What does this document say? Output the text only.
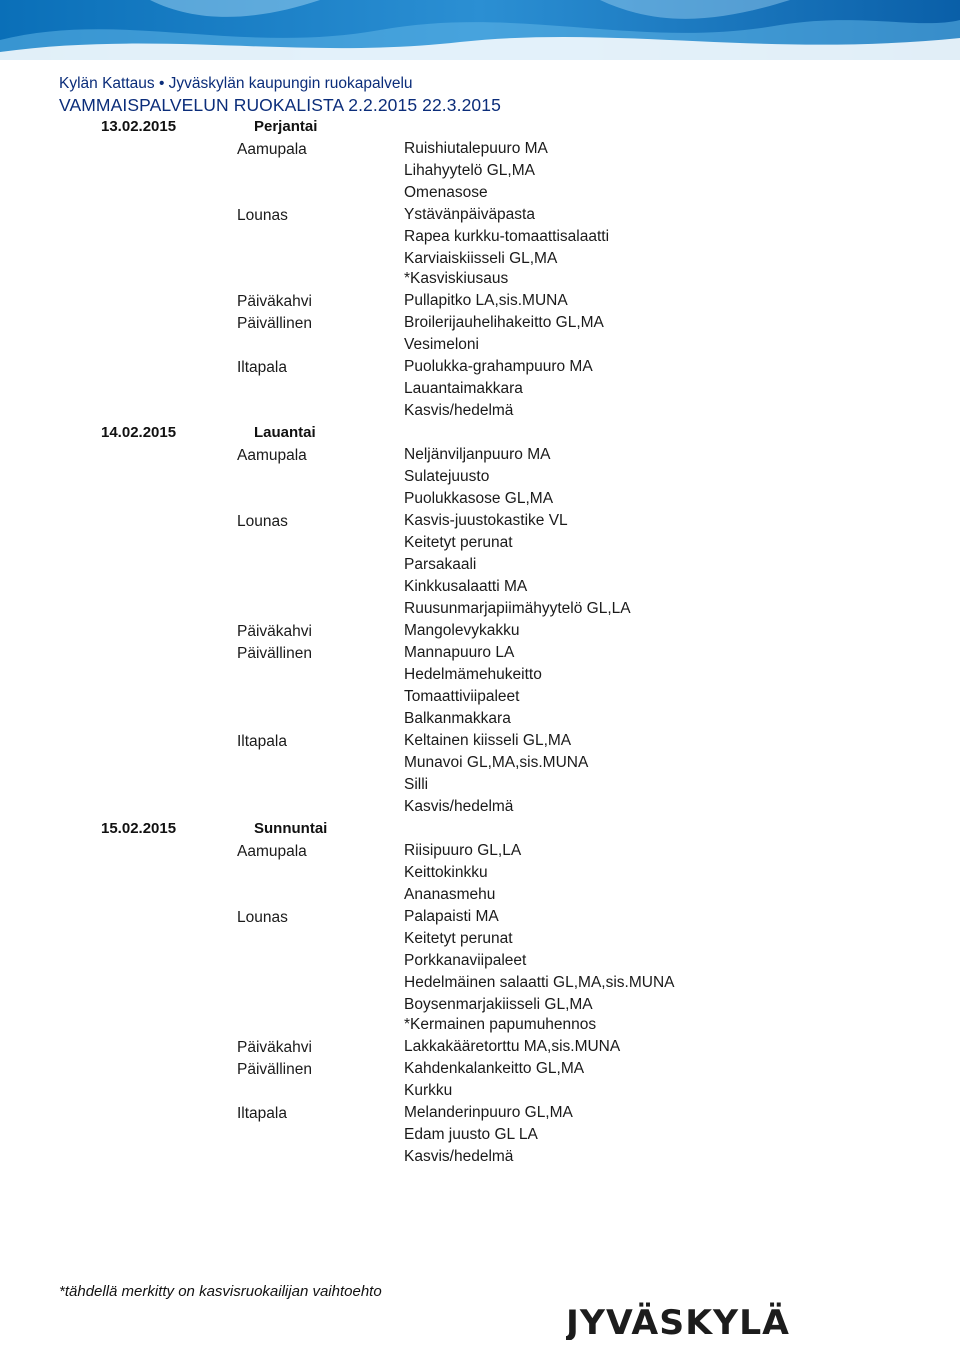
Kylän Kattaus • Jyväskylän kaupungin ruokapalvelu
VAMMAISPALVELUN RUOKALISTA 2.2.2015 22.3.2015
13.02.2015	Perjantai
Aamupala	Ruishiutalepuuro MA
Lihahyytelö GL,MA
Omenasose
Lounas	Ystävänpäiväpasta
Rapea kurkku-tomaattisalaatti
Karviaiskiisseli GL,MA
*Kasviskiusaus
Päiväkahvi	Pullapitko LA,sis.MUNA
Päivällinen	Broilerijauhelihakeitto GL,MA
Vesimeloni
Iltapala	Puolukka-grahampuuro MA
Lauantaimakkara
Kasvis/hedelmä
14.02.2015	Lauantai
Aamupala	Neljänviljanpuuro MA
Sulatejuusto
Puolukkasose GL,MA
Lounas	Kasvis-juustokastike VL
Keitetyt perunat
Parsakaali
Kinkkusalaatti MA
Ruusunmarjapiimähyytelö GL,LA
Päiväkahvi	Mangolevykakku
Päivällinen	Mannapuuro LA
Hedelmämehukeitto
Tomaattiviipaleet
Balkanmakkara
Iltapala	Keltainen kiisseli GL,MA
Munavoi GL,MA,sis.MUNA
Silli
Kasvis/hedelmä
15.02.2015	Sunnuntai
Aamupala	Riisipuuro GL,LA
Keittokinkku
Ananasmehu
Lounas	Palapaisti MA
Keitetyt perunat
Porkkanaviipaleet
Hedelmäinen salaatti GL,MA,sis.MUNA
Boysenmarjakiisseli GL,MA
*Kermainen papumuhennos
Päiväkahvi	Lakkakääretorttu MA,sis.MUNA
Päivällinen	Kahdenkalankeitto GL,MA
Kurkku
Iltapala	Melanderinpuuro GL,MA
Edam juusto GL LA
Kasvis/hedelmä
*tähdellä merkitty on kasvisruokailijan vaihtoehto
JYVÄSKYLÄ
